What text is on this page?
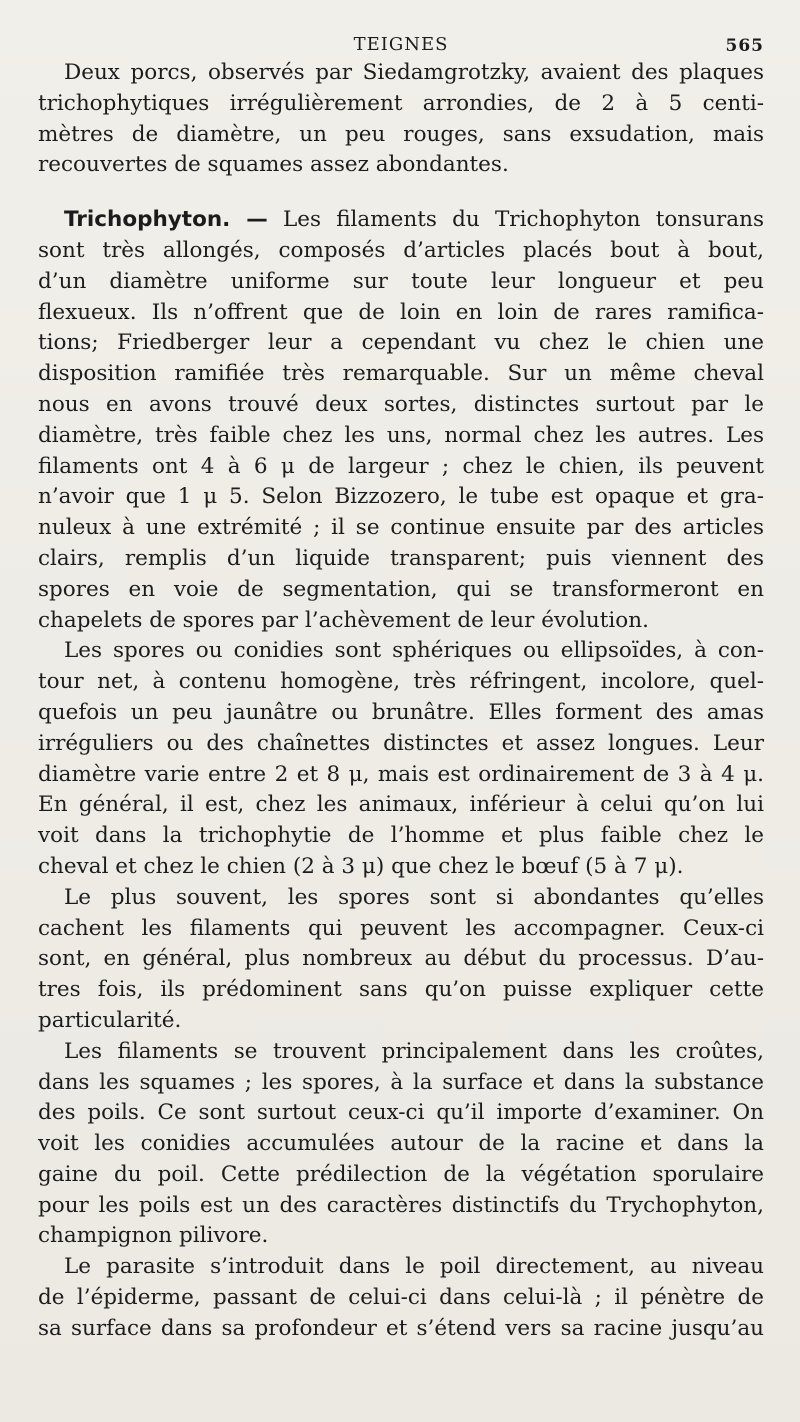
TEIGNES	565

Deux porcs, observés par Siedamgrotzky, avaient des plaques
trichophytiques irrégulièrement arrondies, de 2 à 5 centi-
mètres de diamètre, un peu rouges, sans exsudation, mais
recouvertes de squames assez abondantes.

Trichophyton. — Les filaments du Trichophyton tonsurans
sont très allongés, composés d’articles placés bout à bout,
d’un diamètre uniforme sur toute leur longueur et peu
flexueux. Ils n’offrent que de loin en loin de rares ramifica-
tions; Friedberger leur a cependant vu chez le chien une
disposition ramifiée très remarquable. Sur un même cheval
nous en avons trouvé deux sortes, distinctes surtout par le
diamètre, très faible chez les uns, normal chez les autres. Les
filaments ont 4 à 6 μ de largeur ; chez le chien, ils peuvent
n’avoir que 1 μ 5. Selon Bizzozero, le tube est opaque et gra-
nuleux à une extrémité ; il se continue ensuite par des articles
clairs, remplis d’un liquide transparent; puis viennent des
spores en voie de segmentation, qui se transformeront en
chapelets de spores par l’achèvement de leur évolution.

Les spores ou conidies sont sphériques ou ellipsoïdes, à con-
tour net, à contenu homogène, très réfringent, incolore, quel-
quefois un peu jaunâtre ou brunâtre. Elles forment des amas
irréguliers ou des chaînettes distinctes et assez longues. Leur
diamètre varie entre 2 et 8 μ, mais est ordinairement de 3 à 4 μ.
En général, il est, chez les animaux, inférieur à celui qu’on lui
voit dans la trichophytie de l’homme et plus faible chez le
cheval et chez le chien (2 à 3 μ) que chez le bœuf (5 à 7 μ).

Le plus souvent, les spores sont si abondantes qu’elles
cachent les filaments qui peuvent les accompagner. Ceux-ci
sont, en général, plus nombreux au début du processus. D’au-
tres fois, ils prédominent sans qu’on puisse expliquer cette
particularité.

Les filaments se trouvent principalement dans les croûtes,
dans les squames ; les spores, à la surface et dans la substance
des poils. Ce sont surtout ceux-ci qu’il importe d’examiner. On
voit les conidies accumulées autour de la racine et dans la
gaine du poil. Cette prédilection de la végétation sporulaire
pour les poils est un des caractères distinctifs du Trychophyton,
champignon pilivore.

Le parasite s’introduit dans le poil directement, au niveau
de l’épiderme, passant de celui-ci dans celui-là ; il pénètre de
sa surface dans sa profondeur et s’étend vers sa racine jusqu’au
